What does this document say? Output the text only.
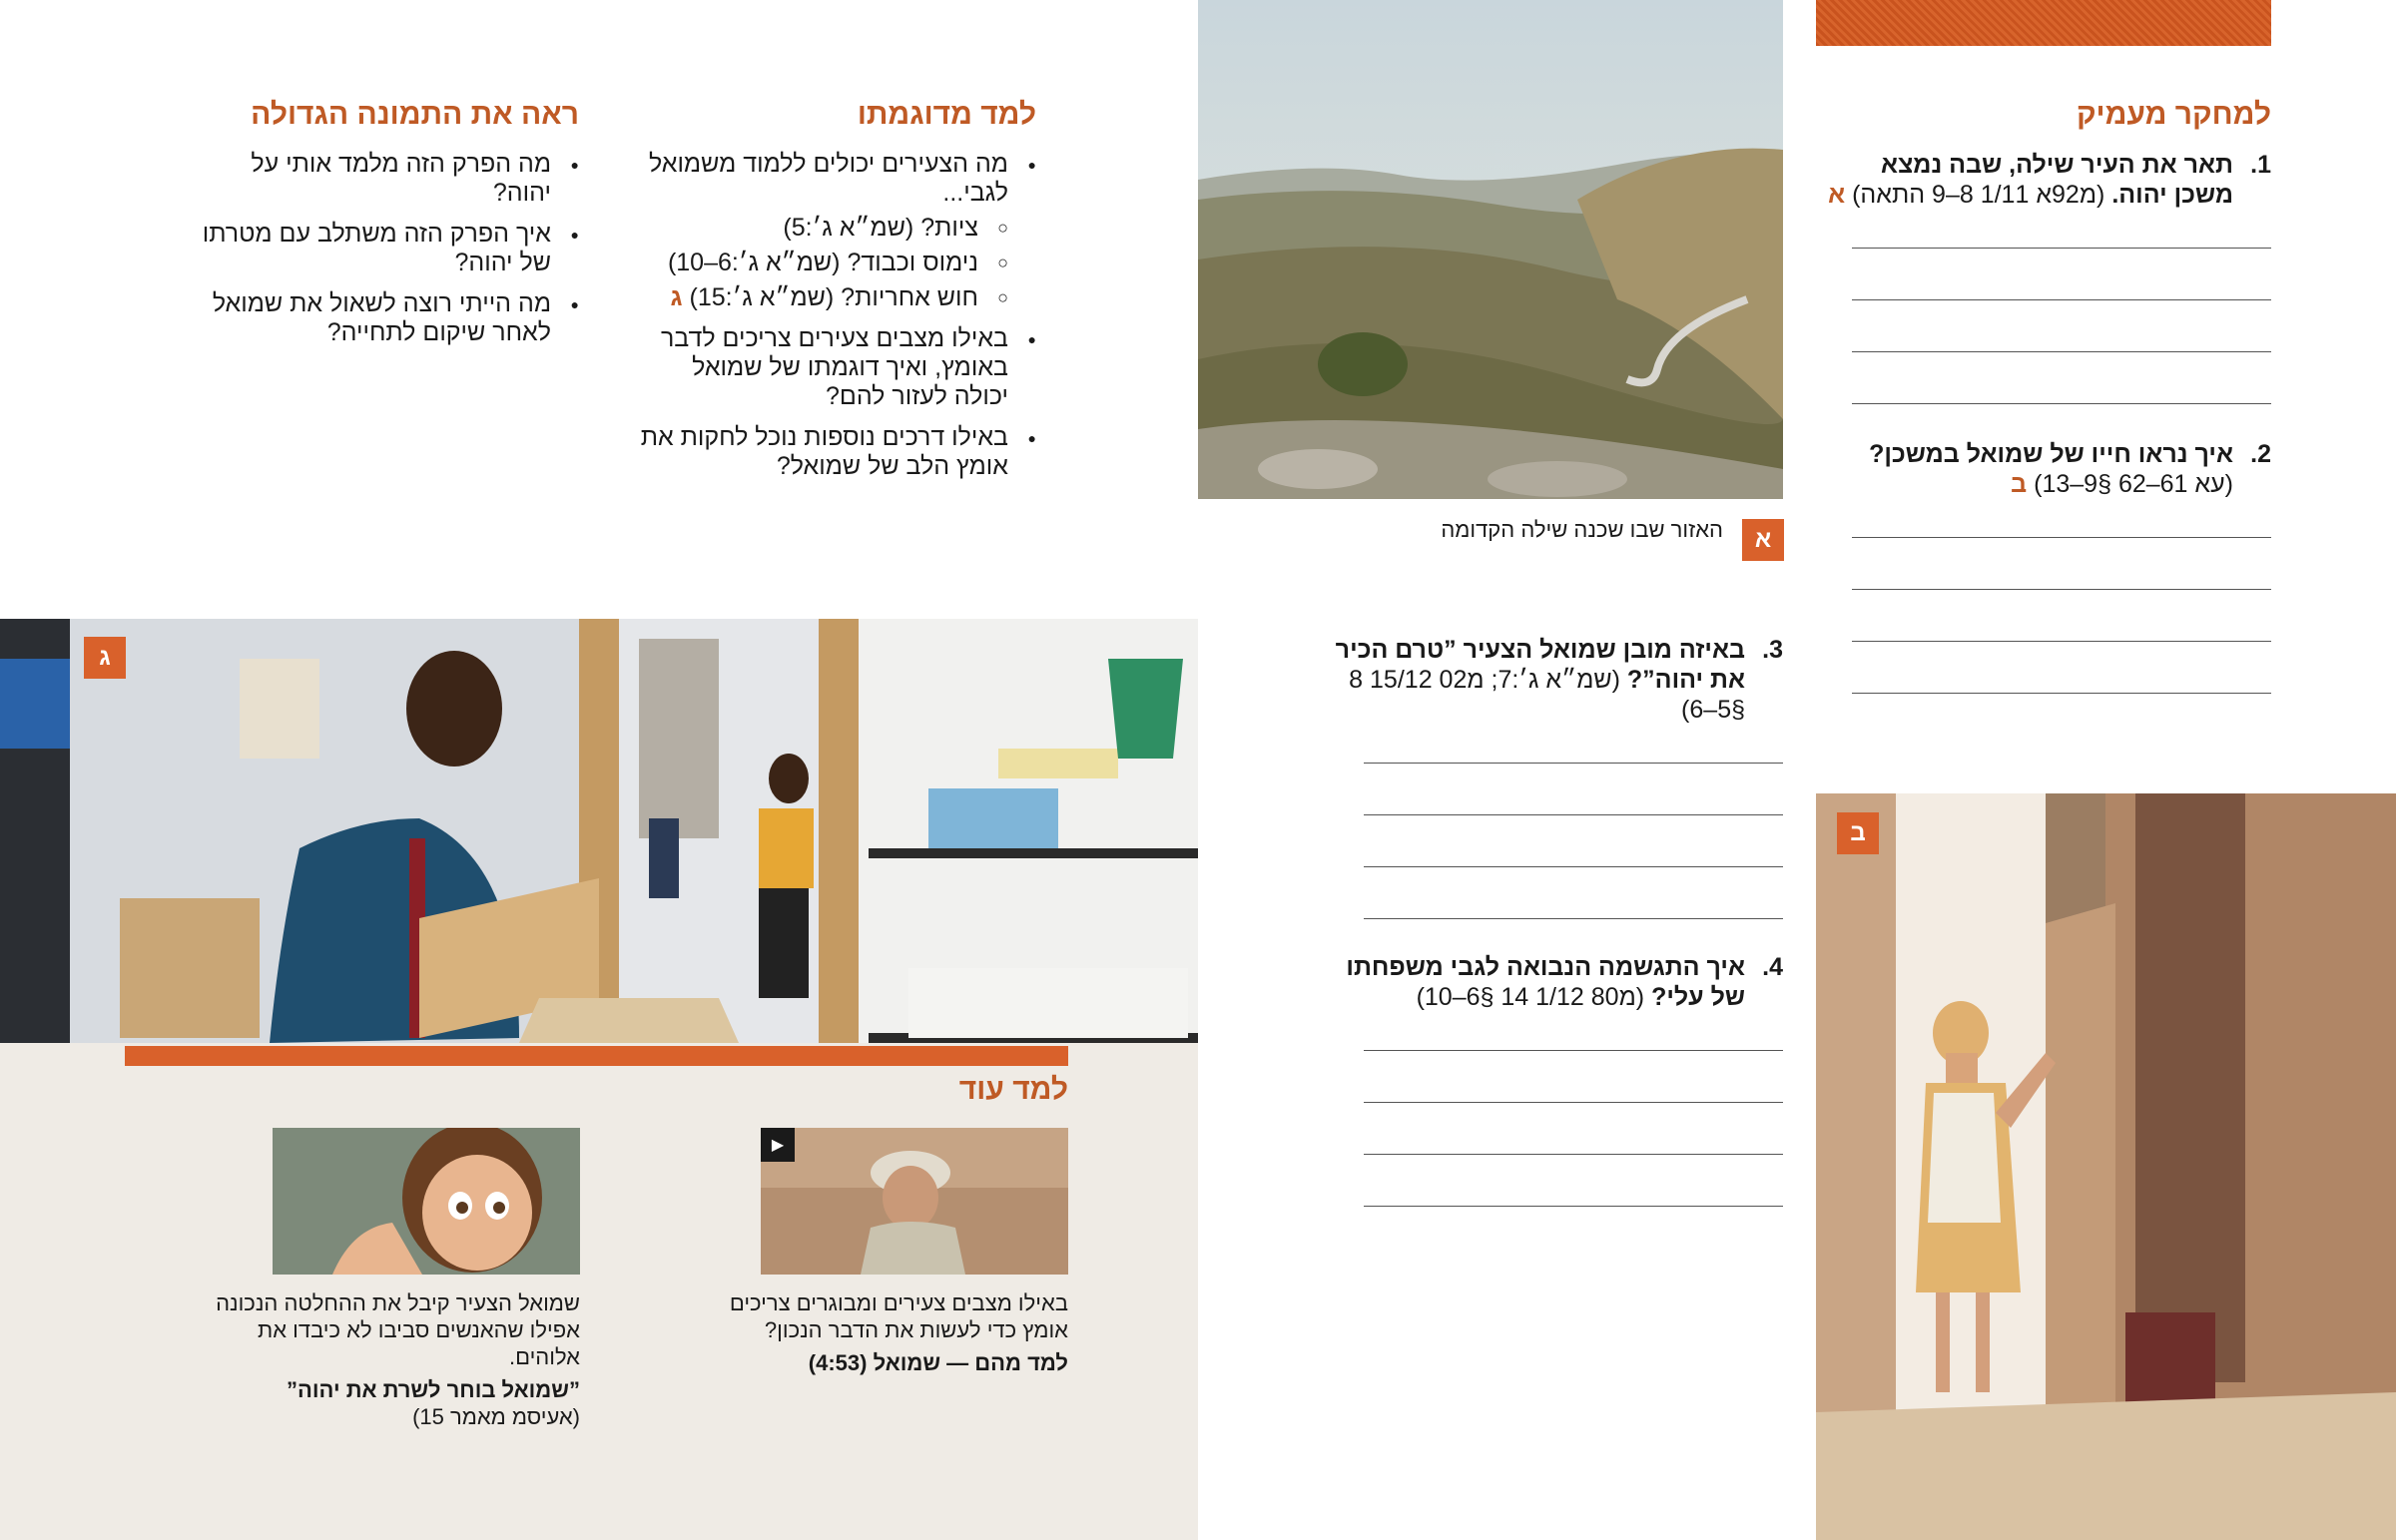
ראה את התמונה הגדולה
● מה הפרק הזה מלמד אותי על יהוה?
● איך הפרק הזה משתלב עם מטרתו של יהוה?
● מה הייתי רוצה לשאול את שמואל לאחר שיקום לתחייה?
למד מדוגמתו
● מה הצעירים יכולים ללמוד משמואל לגבי...
○ ציות? (שמ״א ג׳:5)
○ נימוס וכבוד? (שמ״א ג׳:6–10)
○ חוש אחריות? (שמ״א ג׳:15) ג
● באילו מצבים צעירים צריכים לדבר באומץ, ואיך דוגמתו של שמואל יכולה לעזור להם?
● באילו דרכים נוספות נוכל לחקות את אומץ הלב של שמואל?
א
האזור שבו שכנה שילה הקדומה
למחקר מעמיק
1.
תאר את העיר שילה, שבה נמצא משכן יהוה. (מ92א 1/11 8–9 התאה) א
2.
איך נראו חייו של שמואל במשכן?
(עא 61–62 §9–13) ב
3.
באיזה מובן שמואל הצעיר ”טרם הכיר את יהוה”? (שמ״א ג׳:7; מ02 15/12 8 §5–6)
4.
איך התגשמה הנבואה לגבי משפחתו של עלי? (מ80 1/12 14 §6–10)
ג
ב
למד עוד
▶
באילו מצבים צעירים ומבוגרים צריכים אומץ כדי לעשות את הדבר הנכון?
למד מהם — שמואל (4:53)
שמואל הצעיר קיבל את ההחלטה הנכונה אפילו שהאנשים סביבו לא כיבדו את אלוהים.
”שמואל בוחר לשרת את יהוה”
(אעיסמ מאמר 15)
